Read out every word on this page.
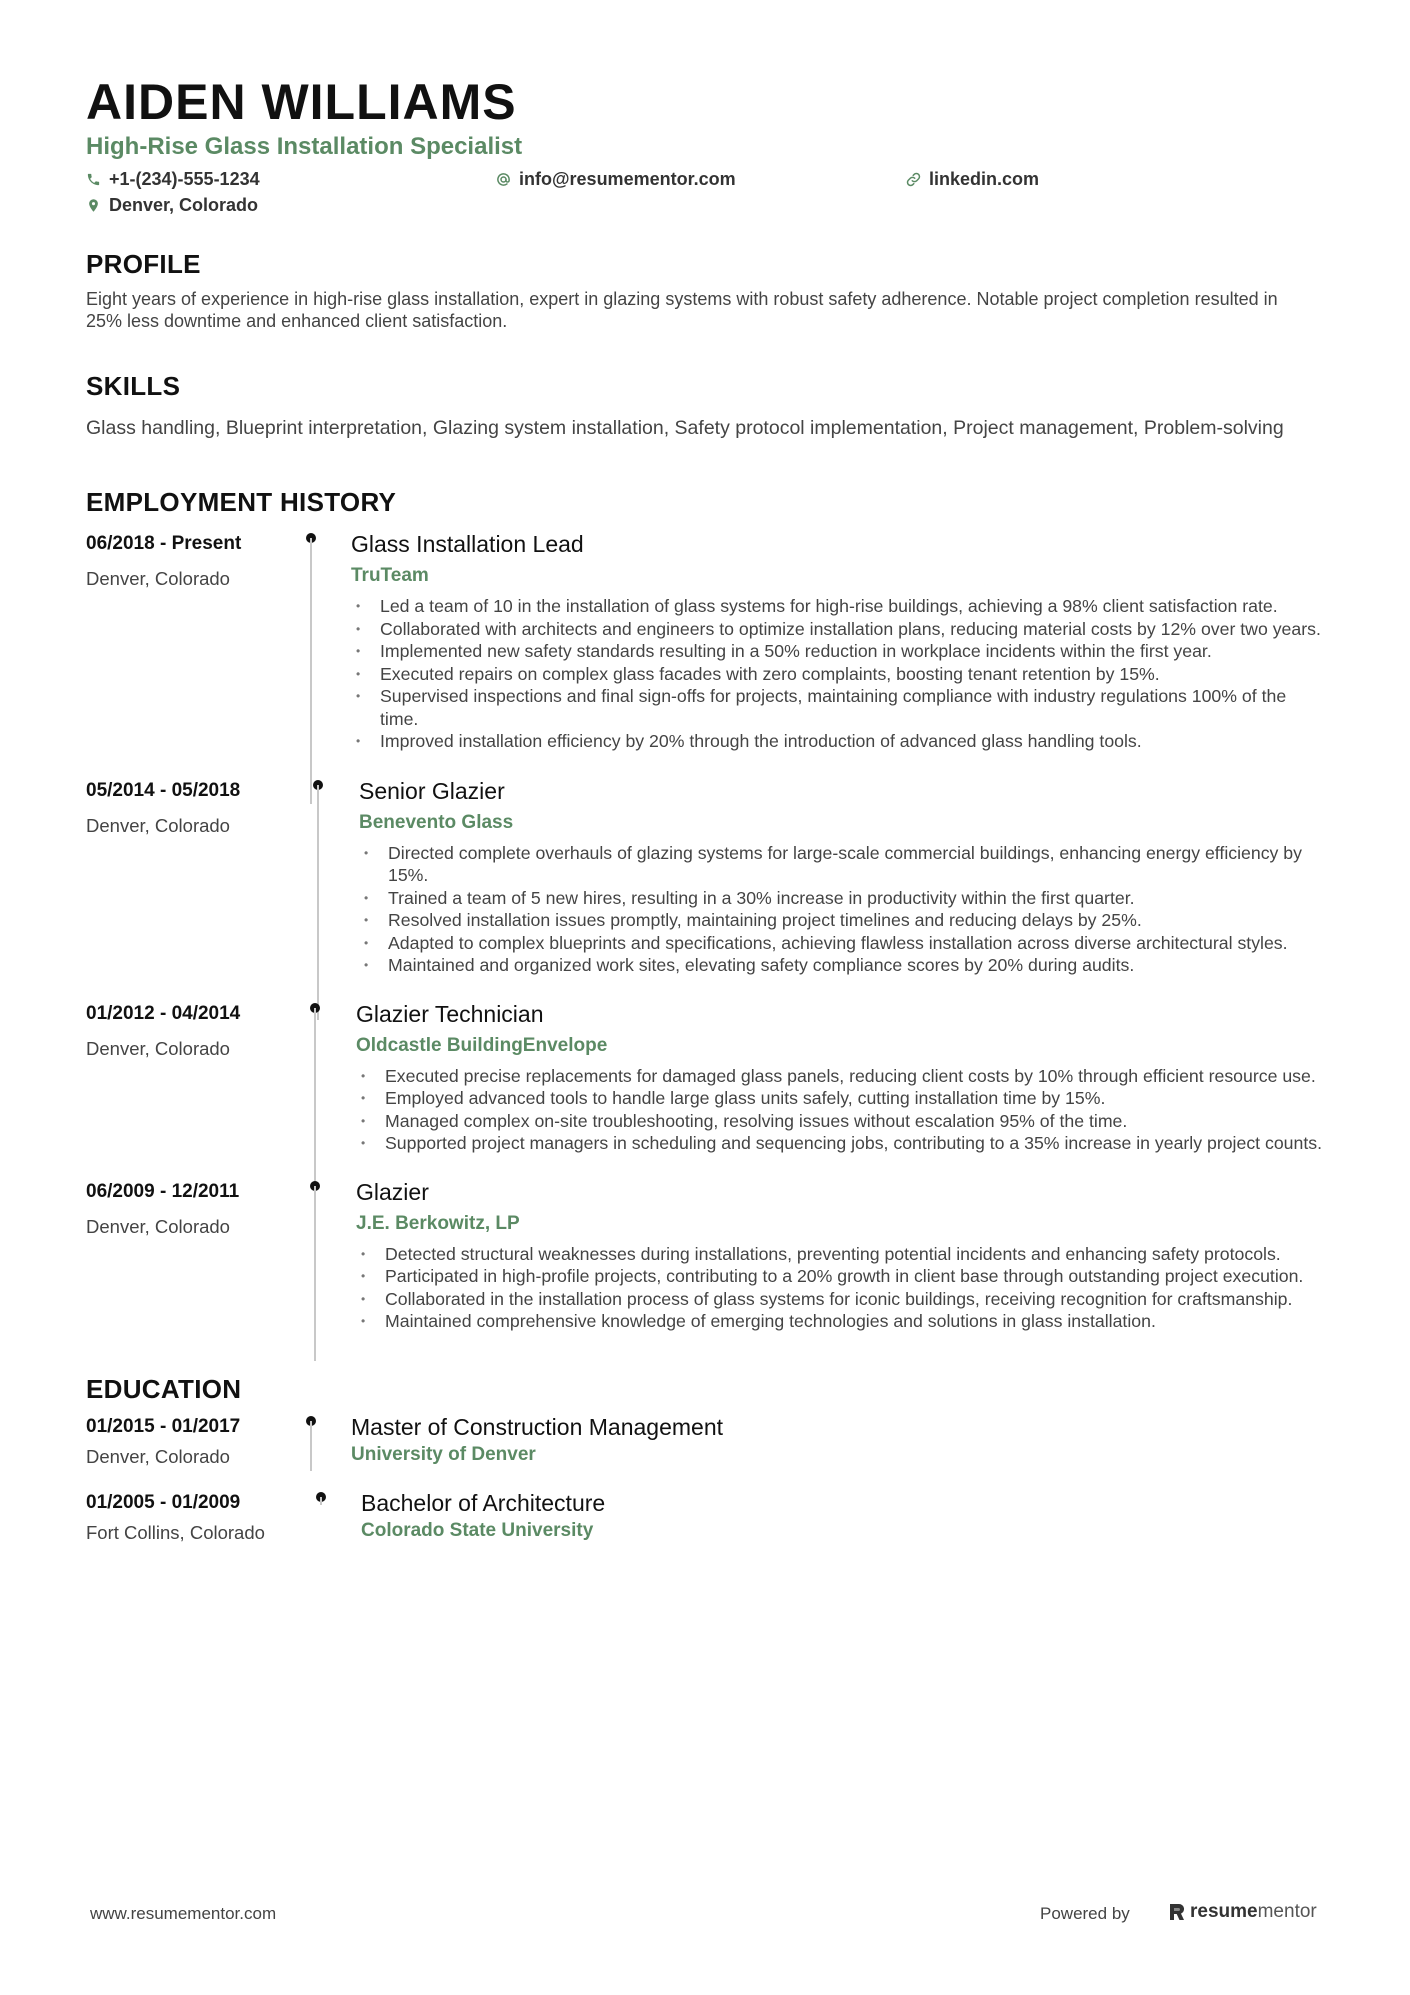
AIDEN WILLIAMS
High-Rise Glass Installation Specialist
+1-(234)-555-1234	info@resumementor.com	linkedin.com
Denver, Colorado
PROFILE
Eight years of experience in high-rise glass installation, expert in glazing systems with robust safety adherence. Notable project completion resulted in 25% less downtime and enhanced client satisfaction.
SKILLS
Glass handling, Blueprint interpretation, Glazing system installation, Safety protocol implementation, Project management, Problem-solving
EMPLOYMENT HISTORY
06/2018 - Present
Denver, Colorado
Glass Installation Lead
TruTeam
• Led a team of 10 in the installation of glass systems for high-rise buildings, achieving a 98% client satisfaction rate.
• Collaborated with architects and engineers to optimize installation plans, reducing material costs by 12% over two years.
• Implemented new safety standards resulting in a 50% reduction in workplace incidents within the first year.
• Executed repairs on complex glass facades with zero complaints, boosting tenant retention by 15%.
• Supervised inspections and final sign-offs for projects, maintaining compliance with industry regulations 100% of the time.
• Improved installation efficiency by 20% through the introduction of advanced glass handling tools.
05/2014 - 05/2018
Denver, Colorado
Senior Glazier
Benevento Glass
• Directed complete overhauls of glazing systems for large-scale commercial buildings, enhancing energy efficiency by 15%.
• Trained a team of 5 new hires, resulting in a 30% increase in productivity within the first quarter.
• Resolved installation issues promptly, maintaining project timelines and reducing delays by 25%.
• Adapted to complex blueprints and specifications, achieving flawless installation across diverse architectural styles.
• Maintained and organized work sites, elevating safety compliance scores by 20% during audits.
01/2012 - 04/2014
Denver, Colorado
Glazier Technician
Oldcastle BuildingEnvelope
• Executed precise replacements for damaged glass panels, reducing client costs by 10% through efficient resource use.
• Employed advanced tools to handle large glass units safely, cutting installation time by 15%.
• Managed complex on-site troubleshooting, resolving issues without escalation 95% of the time.
• Supported project managers in scheduling and sequencing jobs, contributing to a 35% increase in yearly project counts.
06/2009 - 12/2011
Denver, Colorado
Glazier
J.E. Berkowitz, LP
• Detected structural weaknesses during installations, preventing potential incidents and enhancing safety protocols.
• Participated in high-profile projects, contributing to a 20% growth in client base through outstanding project execution.
• Collaborated in the installation process of glass systems for iconic buildings, receiving recognition for craftsmanship.
• Maintained comprehensive knowledge of emerging technologies and solutions in glass installation.
EDUCATION
01/2015 - 01/2017
Denver, Colorado
Master of Construction Management
University of Denver
01/2005 - 01/2009
Fort Collins, Colorado
Bachelor of Architecture
Colorado State University
www.resumementor.com	Powered by	resume mentor
